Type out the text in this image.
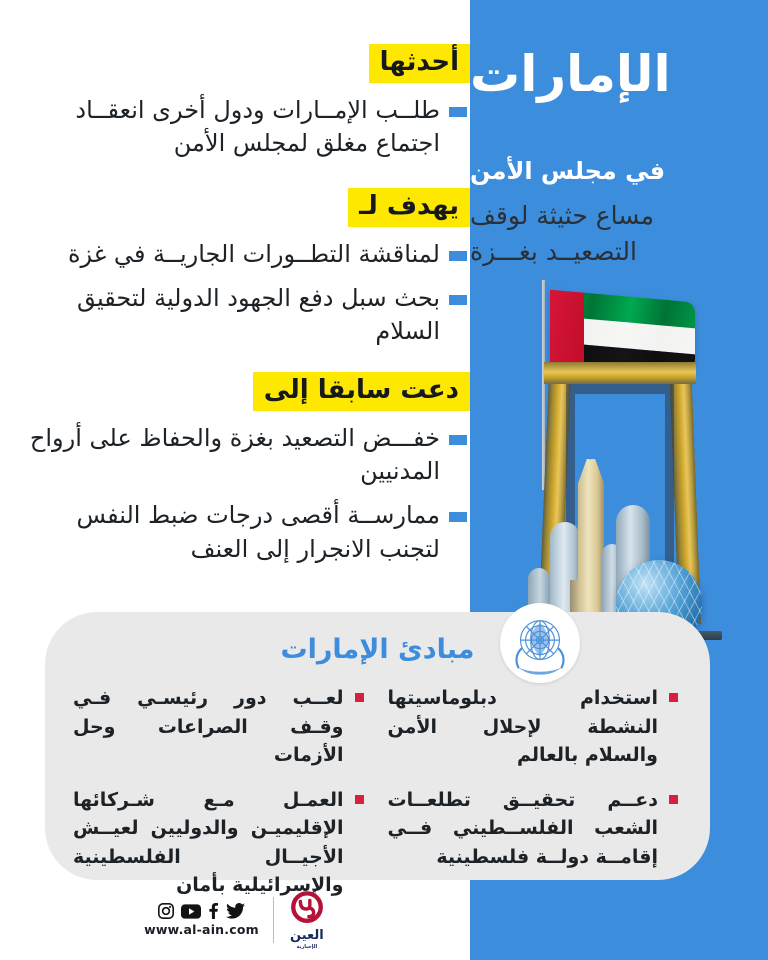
الإمارات
في مجلس الأمن
مساع حثيثة لوقف
التصعيــد بغـــزة
أحدثها
طلــب الإمــارات ودول أخرى انعقــاد اجتماع مغلق لمجلس الأمن
يهدف لـ
لمناقشة التطــورات الجاريــة في غزة
بحث سبل دفع الجهود الدولية لتحقيق السلام
دعت سابقا إلى
خفـــض التصعيد بغزة والحفاظ على أرواح المدنيين
ممارســة أقصى درجات ضبط النفس لتجنب الانجرار إلى العنف
مبادئ الإمارات
استخدام دبلوماسيتها النشطة لإحلال الأمن والسلام بالعالم
دعــم تحقيــق تطلعــات الشعب الفلســطيني فــي إقامــة دولــة فلسطينية
لعــب دور رئيسـي فـي وقـف الصراعات وحل الأزمات
العمـل مـع شـركائها الإقليميـن والدوليين لعيــش الأجيــال الفلسطينية والإسرائيلية بأمان
العين
الإخبارية
www.al-ain.com
